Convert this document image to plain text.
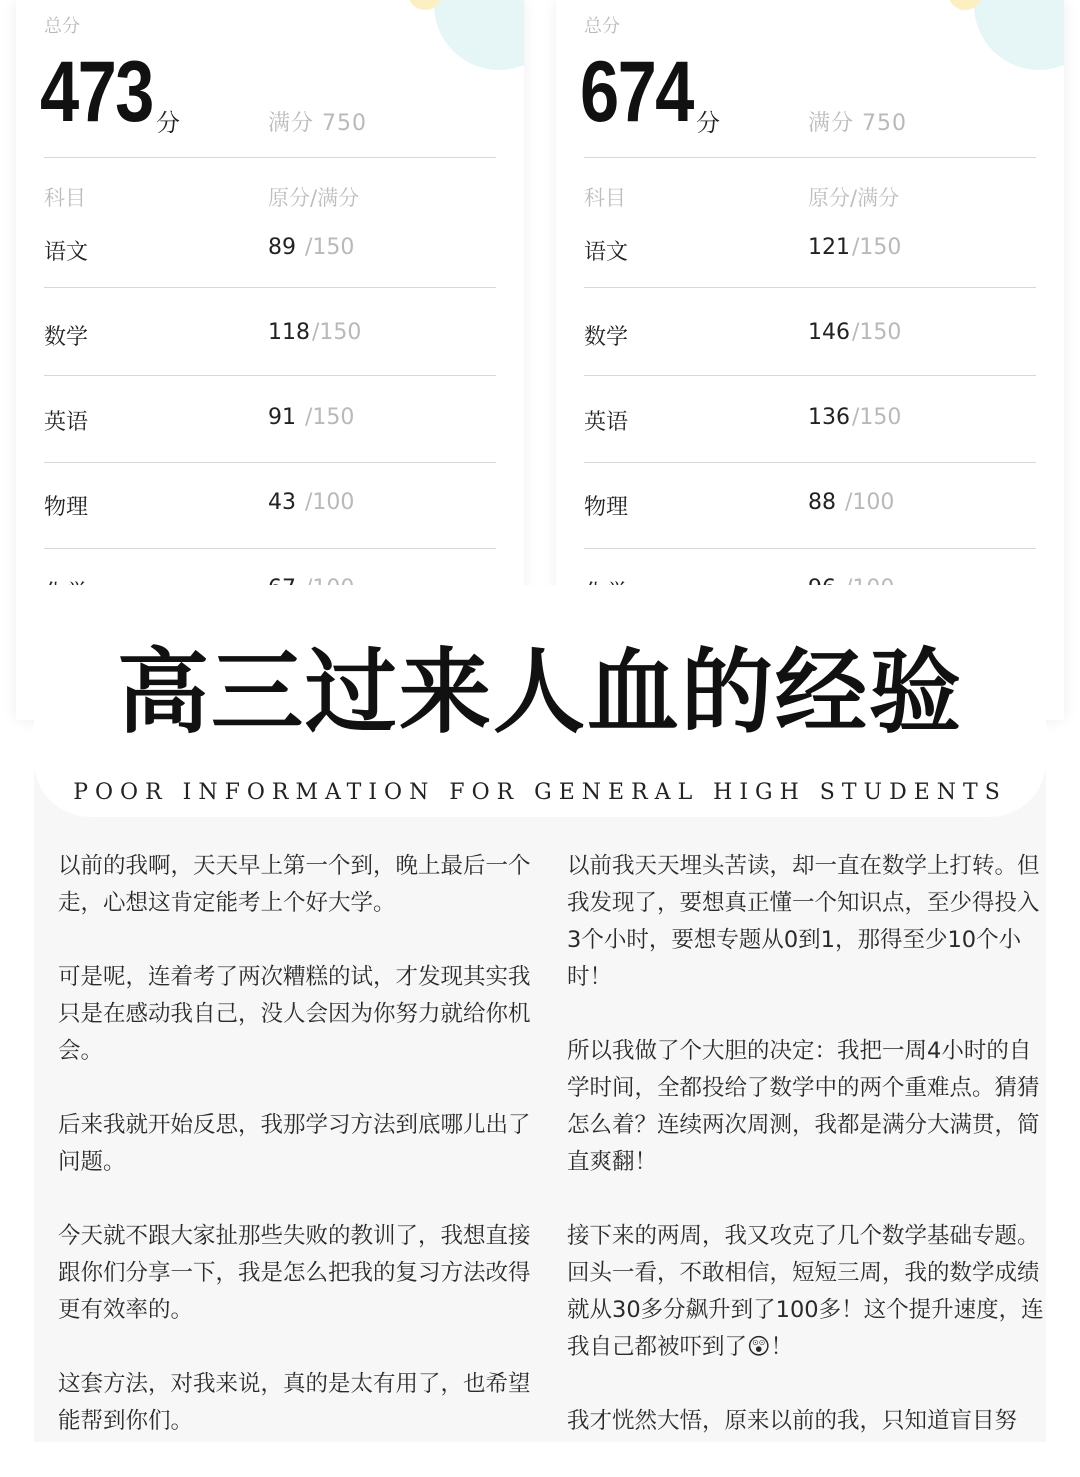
总分
473 分	满分 750
科目	原分/满分
语文	89 /150
数学	118/150
英语	91 /150
物理	43 /100
总分
674 分	满分 750
科目	原分/满分
语文	121/150
数学	146/150
英语	136/150
物理	88 /100
高三过来人血的经验
POOR INFORMATION FOR GENERAL HIGH STUDENTS

以前的我啊，天天早上第一个到，晚上最后一个走，心想这肯定能考上个好大学。

可是呢，连着考了两次糟糕的试，才发现其实我只是在感动我自己，没人会因为你努力就给你机会。

后来我就开始反思，我那学习方法到底哪儿出了问题。

今天就不跟大家扯那些失败的教训了，我想直接跟你们分享一下，我是怎么把我的复习方法改得更有效率的。

这套方法，对我来说，真的是太有用了，也希望能帮到你们。

以前我天天埋头苦读，却一直在数学上打转。但我发现了，要想真正懂一个知识点，至少得投入3个小时，要想专题从0到1，那得至少10个小时！

所以我做了个大胆的决定：我把一周4小时的自学时间，全都投给了数学中的两个重难点。猜猜怎么着？连续两次周测，我都是满分大满贯，简直爽翻！

接下来的两周，我又攻克了几个数学基础专题。回头一看，不敢相信，短短三周，我的数学成绩就从30多分飙升到了100多！这个提升速度，连我自己都被吓到了😲！

我才恍然大悟，原来以前的我，只知道盲目努
